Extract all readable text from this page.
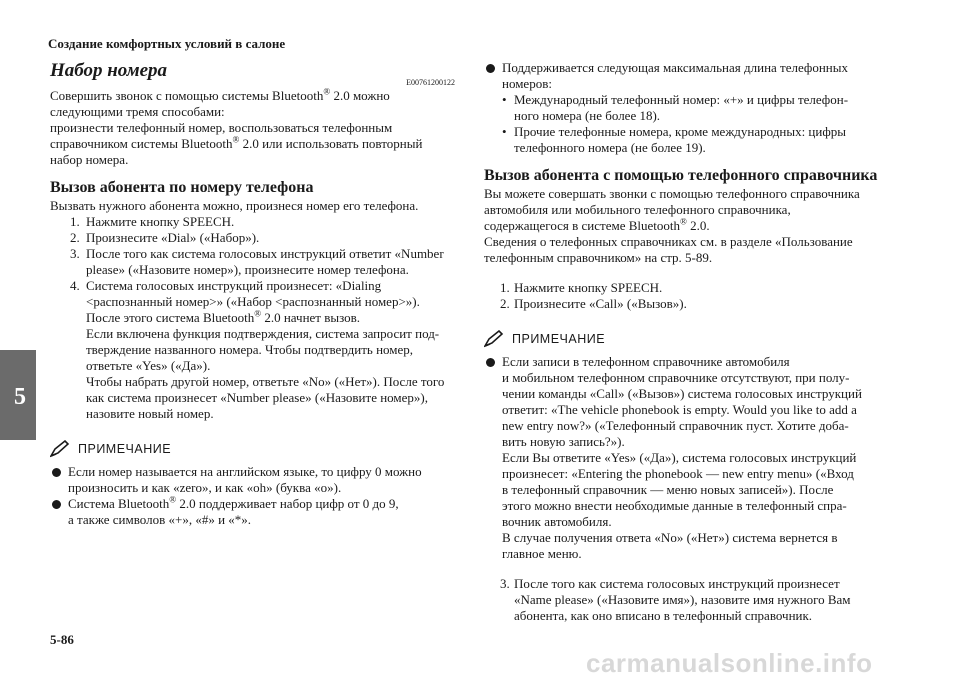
Создание комфортных условий в салоне
5
Набор номера
E00761200122

Совершить звонок с помощью системы Bluetooth® 2.0 можно
следующими тремя способами:
произнести телефонный номер, воспользоваться телефонным
справочником системы Bluetooth® 2.0 или использовать повторный
набор номера.

Вызов абонента по номеру телефона

Вызвать нужного абонента можно, произнеся номер его телефона.

1. Нажмите кнопку SPEECH.
2. Произнесите «Dial» («Набор»).
3. После того как система голосовых инструкций ответит «Number
please» («Назовите номер»), произнесите номер телефона.
4. Система голосовых инструкций произнесет: «Dialing
<распознанный номер>» («Набор <распознанный номер>»).
После этого система Bluetooth® 2.0 начнет вызов.
Если включена функция подтверждения, система запросит под-
тверждение названного номера. Чтобы подтвердить номер,
ответьте «Yes» («Да»).
Чтобы набрать другой номер, ответьте «No» («Нет»). После того
как система произнесет «Number please» («Назовите номер»),
назовите новый номер.
ПРИМЕЧАНИЕ
Если номер называется на английском языке, то цифру 0 можно
произносить и как «zero», и как «oh» (буква «o»).
Система Bluetooth® 2.0 поддерживает набор цифр от 0 до 9,
а также символов «+», «#» и «*».
Поддерживается следующая максимальная длина телефонных
номеров:
• Международный телефонный номер: «+» и цифры телефон-
ного номера (не более 18).
• Прочие телефонные номера, кроме международных: цифры
телефонного номера (не более 19).
Вызов абонента с помощью телефонного справочника

Вы можете совершать звонки с помощью телефонного справочника
автомобиля или мобильного телефонного справочника,
содержащегося в системе Bluetooth® 2.0.
Сведения о телефонных справочниках см. в разделе «Пользование
телефонным справочником» на стр. 5-89.

1. Нажмите кнопку SPEECH.
2. Произнесите «Call» («Вызов»).
ПРИМЕЧАНИЕ
Если записи в телефонном справочнике автомобиля
и мобильном телефонном справочнике отсутствуют, при полу-
чении команды «Call» («Вызов») система голосовых инструкций
ответит: «The vehicle phonebook is empty. Would you like to add a
new entry now?» («Телефонный справочник пуст. Хотите доба-
вить новую запись?»).
Если Вы ответите «Yes» («Да»), система голосовых инструкций
произнесет: «Entering the phonebook — new entry menu» («Вход
в телефонный справочник — меню новых записей»). После
этого можно внести необходимые данные в телефонный спра-
вочник автомобиля.
В случае получения ответа «No» («Нет») система вернется в
главное меню.
3. После того как система голосовых инструкций произнесет
«Name please» («Назовите имя»), назовите имя нужного Вам
абонента, как оно вписано в телефонный справочник.
5-86
carmanualsonline.info
